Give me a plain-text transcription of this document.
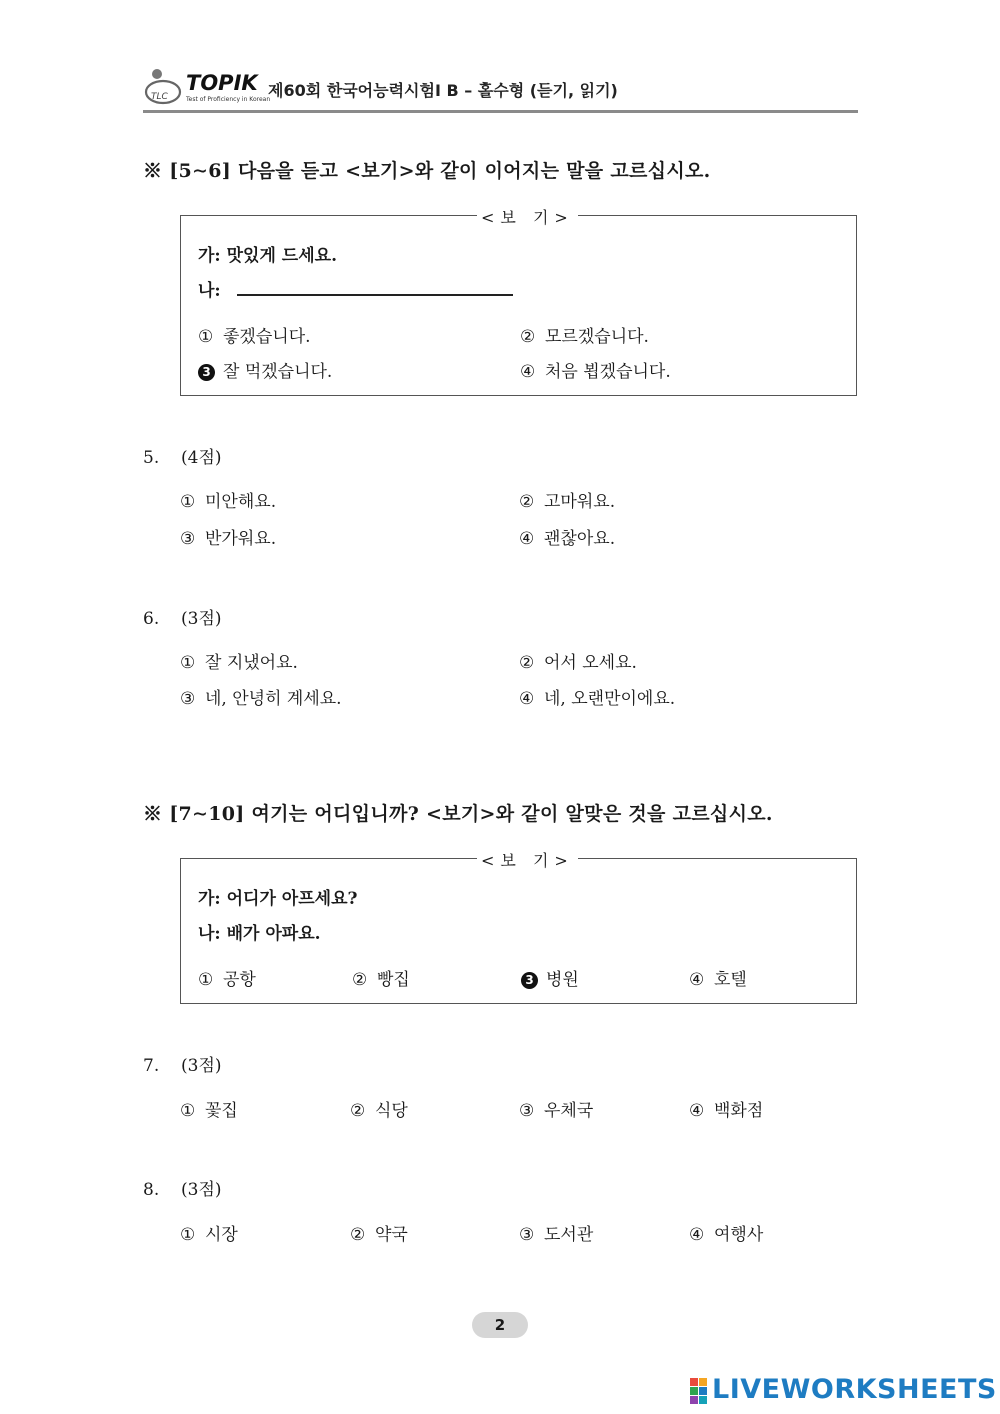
TLC
TOPIK
Test of Proficiency in Korean
제60회 한국어능력시험Ⅰ B – 홀수형 (듣기, 읽기)
※ [5∼6] 다음을 듣고 <보기>와 같이 이어지는 말을 고르십시오.
<보 기>
가: 맛있게 드세요.
나:
① 좋겠습니다.	② 모르겠습니다.
3 잘 먹겠습니다.	④ 처음 뵙겠습니다.
5. (4점)
① 미안해요.	② 고마워요.
③ 반가워요.	④ 괜찮아요.
6. (3점)
① 잘 지냈어요.	② 어서 오세요.
③ 네, 안녕히 계세요.	④ 네, 오랜만이에요.
※ [7∼10] 여기는 어디입니까? <보기>와 같이 알맞은 것을 고르십시오.
<보 기>
가: 어디가 아프세요?
나: 배가 아파요.
① 공항	② 빵집	3 병원	④ 호텔
7. (3점)
① 꽃집	② 식당	③ 우체국	④ 백화점
8. (3점)
① 시장	② 약국	③ 도서관	④ 여행사
2
LIVEWORKSHEETS
